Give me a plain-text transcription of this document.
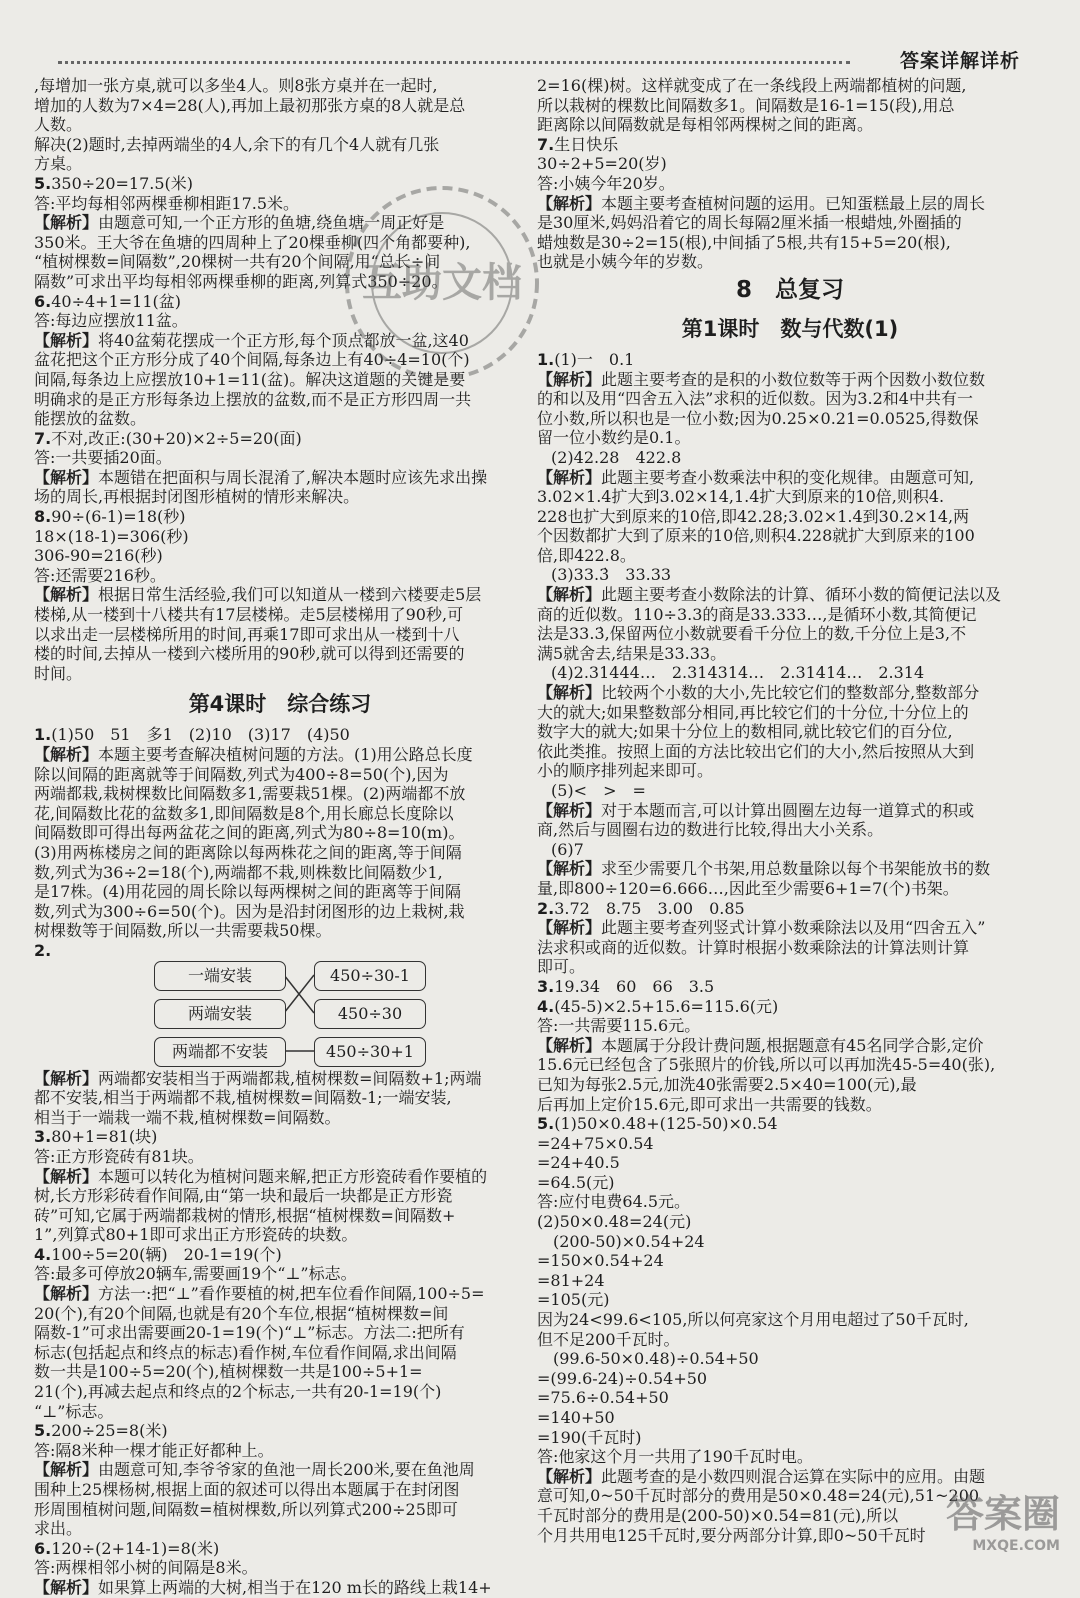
答案详解详析

,每增加一张方桌,就可以多坐4人。则8张方桌并在一起时,

增加的人数为7×4=28(人),再加上最初那张方桌的8人就是总

人数。

解决(2)题时,去掉两端坐的4人,余下的有几个4人就有几张

方桌。

5.350÷20=17.5(米)

答:平均每相邻两棵垂柳相距17.5米。

【解析】由题意可知,一个正方形的鱼塘,绕鱼塘一周正好是

350米。王大爷在鱼塘的四周种上了20棵垂柳(四个角都要种),

“植树棵数=间隔数”,20棵树一共有20个间隔,用“总长÷间

隔数”可求出平均每相邻两棵垂柳的距离,列算式350÷20。

6.40÷4+1=11(盆)

答:每边应摆放11盆。

【解析】将40盆菊花摆成一个正方形,每个顶点都放一盆,这40

盆花把这个正方形分成了40个间隔,每条边上有40÷4=10(个)

间隔,每条边上应摆放10+1=11(盆)。解决这道题的关键是要

明确求的是正方形每条边上摆放的盆数,而不是正方形四周一共

能摆放的盆数。

7.不对,改正:(30+20)×2÷5=20(面)

答:一共要插20面。

【解析】本题错在把面积与周长混淆了,解决本题时应该先求出操

场的周长,再根据封闭图形植树的情形来解决。

8.90÷(6-1)=18(秒)

18×(18-1)=306(秒)

306-90=216(秒)

答:还需要216秒。

【解析】根据日常生活经验,我们可以知道从一楼到六楼要走5层

楼梯,从一楼到十八楼共有17层楼梯。走5层楼梯用了90秒,可

以求出走一层楼梯所用的时间,再乘17即可求出从一楼到十八

楼的时间,去掉从一楼到六楼所用的90秒,就可以得到还需要的

时间。

第4课时　综合练习

1.(1)50　51　多1　(2)10　(3)17　(4)50

【解析】本题主要考查解决植树问题的方法。(1)用公路总长度

除以间隔的距离就等于间隔数,列式为400÷8=50(个),因为

两端都栽,栽树棵数比间隔数多1,需要栽51棵。(2)两端都不放

花,间隔数比花的盆数多1,即间隔数是8个,用长廊总长度除以

间隔数即可得出每两盆花之间的距离,列式为80÷8=10(m)。

(3)用两栋楼房之间的距离除以每两株花之间的距离,等于间隔

数,列式为36÷2=18(个),两端都不栽,则株数比间隔数少1,

是17株。(4)用花园的周长除以每两棵树之间的距离等于间隔

数,列式为300÷6=50(个)。因为是沿封闭图形的边上栽树,栽

树棵数等于间隔数,所以一共需要栽50棵。

2.

一端安装
两端安装
两端都不安装
450÷30-1
450÷30
450÷30+1

【解析】两端都安装相当于两端都栽,植树棵数=间隔数+1;两端

都不安装,相当于两端都不栽,植树棵数=间隔数-1;一端安装,

相当于一端栽一端不栽,植树棵数=间隔数。

3.80+1=81(块)

答:正方形瓷砖有81块。

【解析】本题可以转化为植树问题来解,把正方形瓷砖看作要植的

树,长方形彩砖看作间隔,由“第一块和最后一块都是正方形瓷

砖”可知,它属于两端都栽树的情形,根据“植树棵数=间隔数+

1”,列算式80+1即可求出正方形瓷砖的块数。

4.100÷5=20(辆)　20-1=19(个)

答:最多可停放20辆车,需要画19个“⊥”标志。

【解析】方法一:把“⊥”看作要植的树,把车位看作间隔,100÷5=

20(个),有20个间隔,也就是有20个车位,根据“植树棵数=间

隔数-1”可求出需要画20-1=19(个)“⊥”标志。方法二:把所有

标志(包括起点和终点的标志)看作树,车位看作间隔,求出间隔

数一共是100÷5=20(个),植树棵数一共是100÷5+1=

21(个),再减去起点和终点的2个标志,一共有20-1=19(个)

“⊥”标志。

5.200÷25=8(米)

答:隔8米种一棵才能正好都种上。

【解析】由题意可知,李爷爷家的鱼池一周长200米,要在鱼池周

围种上25棵杨树,根据上面的叙述可以得出本题属于在封闭图

形周围植树问题,间隔数=植树棵数,所以列算式200÷25即可

求出。

6.120÷(2+14-1)=8(米)

答:两棵相邻小树的间隔是8米。

【解析】如果算上两端的大树,相当于在120 m长的路线上栽14+

2=16(棵)树。这样就变成了在一条线段上两端都植树的问题,

所以栽树的棵数比间隔数多1。间隔数是16-1=15(段),用总

距离除以间隔数就是每相邻两棵树之间的距离。

7.生日快乐

30÷2+5=20(岁)

答:小姨今年20岁。

【解析】本题主要考查植树问题的运用。已知蛋糕最上层的周长

是30厘米,妈妈沿着它的周长每隔2厘米插一根蜡烛,外圈插的

蜡烛数是30÷2=15(根),中间插了5根,共有15+5=20(根),

也就是小姨今年的岁数。

8　总复习
第1课时　数与代数(1)

1.(1)一　0.1

【解析】此题主要考查的是积的小数位数等于两个因数小数位数

的和以及用“四舍五入法”求积的近似数。因为3.2和4中共有一

位小数,所以积也是一位小数;因为0.25×0.21=0.0525,得数保

留一位小数约是0.1。

(2)42.28　422.8

【解析】此题主要考查小数乘法中积的变化规律。由题意可知,

3.02×1.4扩大到3.02×14,1.4扩大到原来的10倍,则积4.

228也扩大到原来的10倍,即42.28;3.02×1.4到30.2×14,两

个因数都扩大到了原来的10倍,则积4.228就扩大到原来的100

倍,即422.8。

(3)33.3̇　33.33

【解析】此题主要考查小数除法的计算、循环小数的简便记法以及

商的近似数。110÷3.3的商是33.333…,是循环小数,其简便记

法是33.3̇,保留两位小数就要看千分位上的数,千分位上是3,不

满5就舍去,结果是33.33。

(4)2.31444…　2.314314…　2.31414…　2.314

【解析】比较两个小数的大小,先比较它们的整数部分,整数部分

大的就大;如果整数部分相同,再比较它们的十分位,十分位上的

数字大的就大;如果十分位上的数相同,就比较它们的百分位,

依此类推。按照上面的方法比较出它们的大小,然后按照从大到

小的顺序排列起来即可。

(5)<　>　=

【解析】对于本题而言,可以计算出圆圈左边每一道算式的积或

商,然后与圆圈右边的数进行比较,得出大小关系。

(6)7

【解析】求至少需要几个书架,用总数量除以每个书架能放书的数

量,即800÷120=6.666…,因此至少需要6+1=7(个)书架。

2.3.72　8.75　3.00　0.85

【解析】此题主要考查列竖式计算小数乘除法以及用“四舍五入”

法求积或商的近似数。计算时根据小数乘除法的计算法则计算

即可。

3.19.34　60　66　3.5

4.(45-5)×2.5+15.6=115.6(元)

答:一共需要115.6元。

【解析】本题属于分段计费问题,根据题意有45名同学合影,定价

15.6元已经包含了5张照片的价钱,所以可以再加洗45-5=40(张),

已知为每张2.5元,加洗40张需要2.5×40=100(元),最

后再加上定价15.6元,即可求出一共需要的钱数。

5.(1)50×0.48+(125-50)×0.54

=24+75×0.54

=24+40.5

=64.5(元)

答:应付电费64.5元。

(2)50×0.48=24(元)

　(200-50)×0.54+24

=150×0.54+24

=81+24

=105(元)

因为24<99.6<105,所以何亮家这个月用电超过了50千瓦时,

但不足200千瓦时。

　(99.6-50×0.48)÷0.54+50

=(99.6-24)÷0.54+50

=75.6÷0.54+50

=140+50

=190(千瓦时)

答:他家这个月一共用了190千瓦时电。

【解析】此题考查的是小数四则混合运算在实际中的应用。由题

意可知,0~50千瓦时部分的费用是50×0.48=24(元),51~200

千瓦时部分的费用是(200-50)×0.54=81(元),所以

个月共用电125千瓦时,要分两部分计算,即0~50千瓦时

互助文档
答案圈
MXQE.COM
